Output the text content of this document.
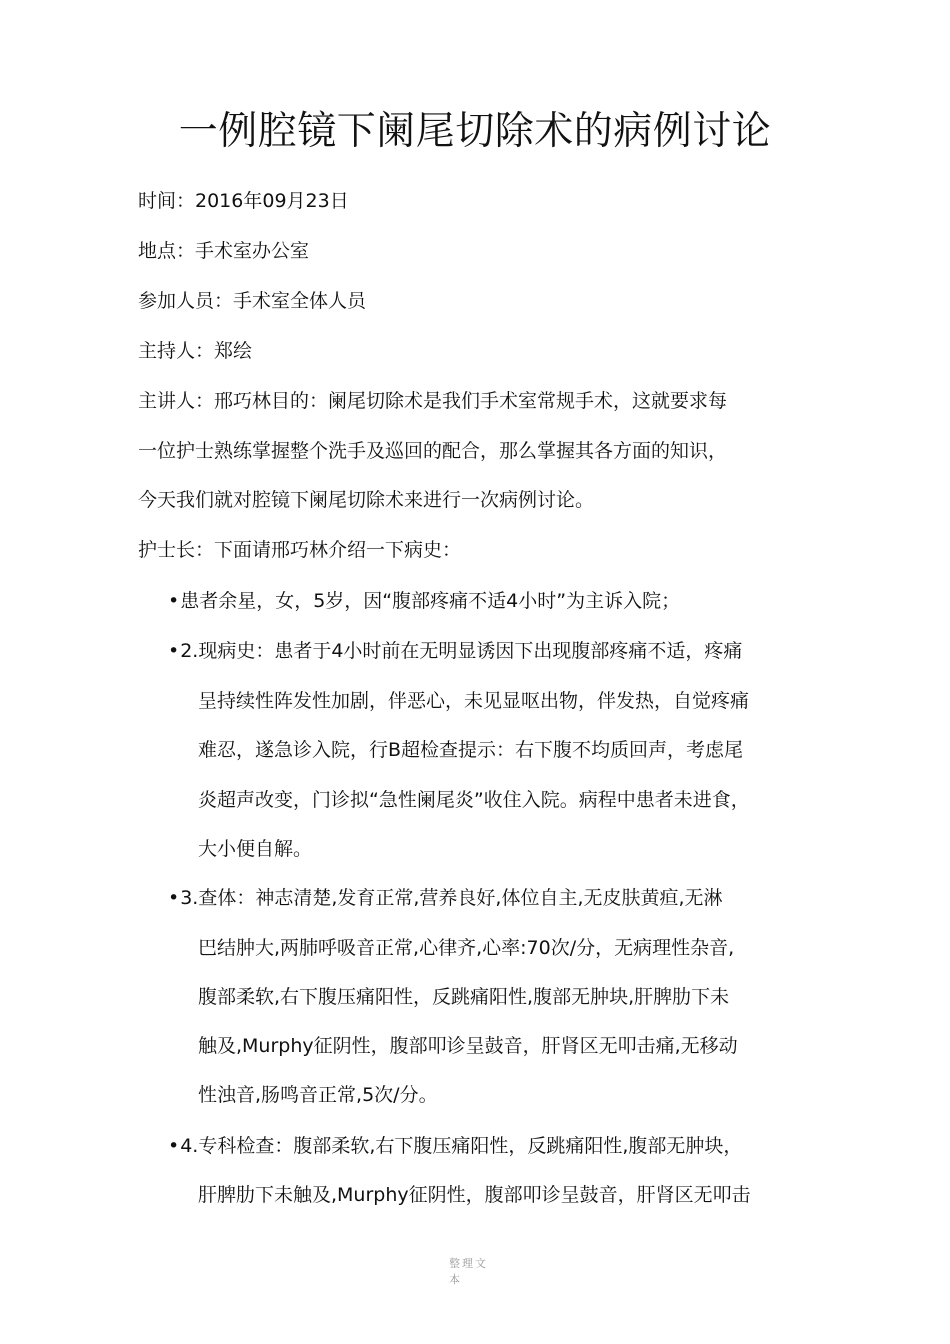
一例腔镜下阑尾切除术的病例讨论
时间：2016年09月23日
地点：手术室办公室
参加人员：手术室全体人员
主持人：郑绘
主讲人：邢巧林目的：阑尾切除术是我们手术室常规手术，这就要求每
一位护士熟练掌握整个洗手及巡回的配合，那么掌握其各方面的知识，
今天我们就对腔镜下阑尾切除术来进行一次病例讨论。
护士长：下面请邢巧林介绍一下病史：
•患者余星，女，5岁，因“腹部疼痛不适4小时”为主诉入院；
•2.现病史：患者于4小时前在无明显诱因下出现腹部疼痛不适，疼痛
呈持续性阵发性加剧，伴恶心，未见显呕出物，伴发热，自觉疼痛
难忍，遂急诊入院，行B超检查提示：右下腹不均质回声，考虑尾
炎超声改变，门诊拟“急性阑尾炎”收住入院。病程中患者未进食，
大小便自解。
•3.查体：神志清楚,发育正常,营养良好,体位自主,无皮肤黄疸,无淋
巴结肿大,两肺呼吸音正常,心律齐,心率:70次/分，无病理性杂音,
腹部柔软,右下腹压痛阳性，反跳痛阳性,腹部无肿块,肝脾肋下未
触及,Murphy征阴性，腹部叩诊呈鼓音，肝肾区无叩击痛,无移动
性浊音,肠鸣音正常,5次/分。
•4.专科检查：腹部柔软,右下腹压痛阳性，反跳痛阳性,腹部无肿块，
肝脾肋下未触及,Murphy征阴性，腹部叩诊呈鼓音，肝肾区无叩击
整理文本
